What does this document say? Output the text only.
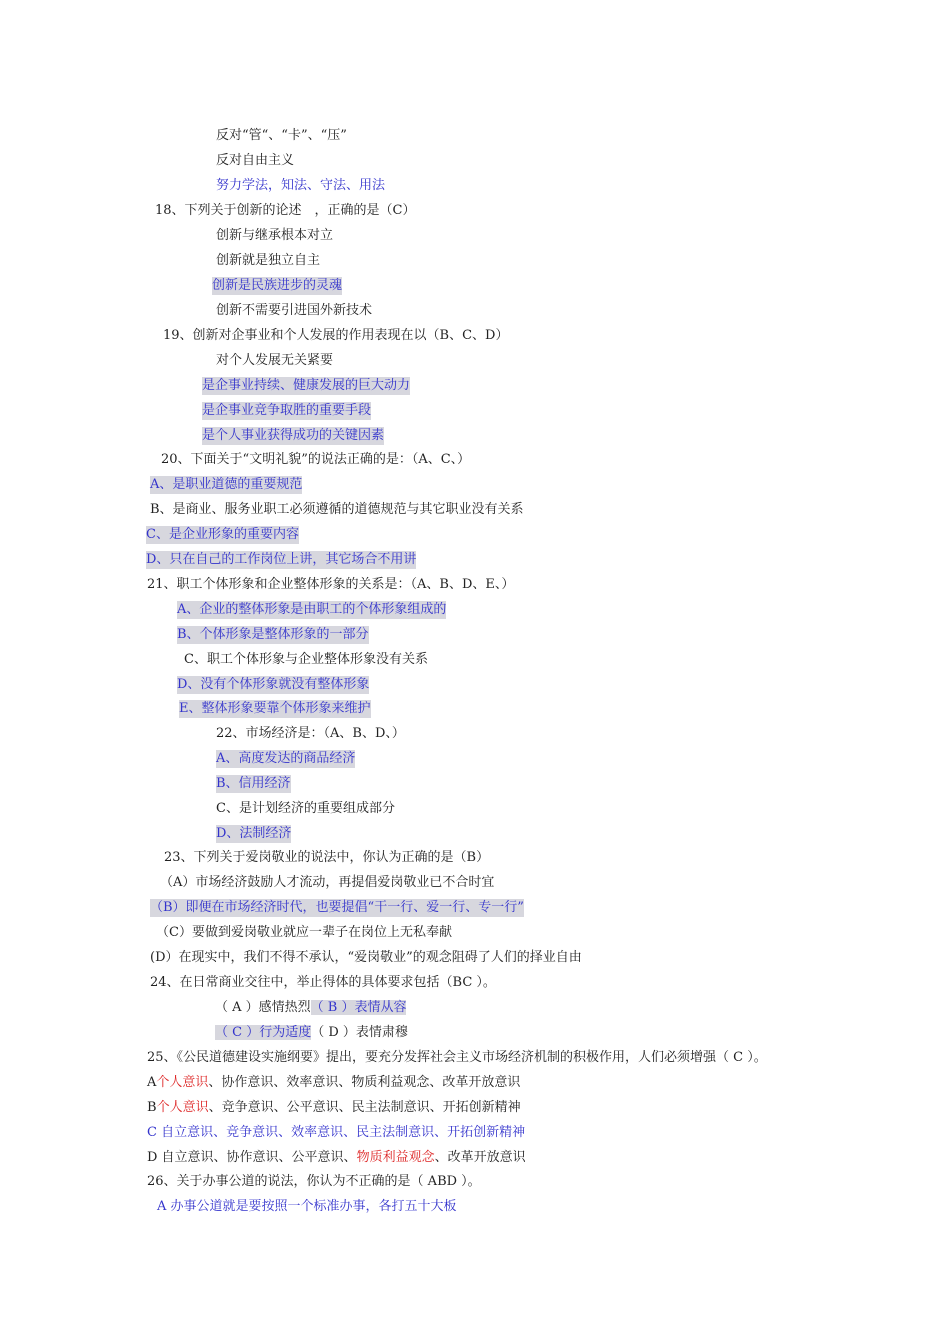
反对“管“、“卡”、“压”
反对自由主义
努力学法，知法、守法、用法
18、下列关于创新的论述　，正确的是（C）
创新与继承根本对立
创新就是独立自主
创新是民族进步的灵魂
创新不需要引进国外新技术
19、创新对企事业和个人发展的作用表现在以（B、C、D）
对个人发展无关紧要
是企事业持续、健康发展的巨大动力
是企事业竞争取胜的重要手段
是个人事业获得成功的关键因素
20、下面关于“文明礼貌”的说法正确的是：（A、C、）
A、是职业道德的重要规范
B、是商业、服务业职工必须遵循的道德规范与其它职业没有关系
C、是企业形象的重要内容
D、只在自己的工作岗位上讲，其它场合不用讲
21、职工个体形象和企业整体形象的关系是：（A、B、D、E、）
A、企业的整体形象是由职工的个体形象组成的
B、个体形象是整体形象的一部分
C、职工个体形象与企业整体形象没有关系
D、没有个体形象就没有整体形象
E、整体形象要靠个体形象来维护
22、市场经济是：（A、B、D、）
A、高度发达的商品经济
B、信用经济
C、是计划经济的重要组成部分
D、法制经济
23、下列关于爱岗敬业的说法中，你认为正确的是（B）
（A）市场经济鼓励人才流动，再提倡爱岗敬业已不合时宜
（B）即便在市场经济时代，也要提倡“干一行、爱一行、专一行”
（C）要做到爱岗敬业就应一辈子在岗位上无私奉献
(D）在现实中，我们不得不承认，“爱岗敬业”的观念阻碍了人们的择业自由
24、在日常商业交往中，举止得体的具体要求包括（BC ）。
（ A ）感情热烈（ B ）表情从容
（ C ）行为适度（ D ）表情肃穆
25、《公民道德建设实施纲要》提出，要充分发挥社会主义市场经济机制的积极作用，人们必须增强（ C ）。
A个人意识、协作意识、效率意识、物质利益观念、改革开放意识
B个人意识、竞争意识、公平意识、民主法制意识、开拓创新精神
C 自立意识、竞争意识、效率意识、民主法制意识、开拓创新精神
D 自立意识、协作意识、公平意识、物质利益观念、改革开放意识
26、关于办事公道的说法，你认为不正确的是（ ABD ）。
A 办事公道就是要按照一个标准办事，各打五十大板
